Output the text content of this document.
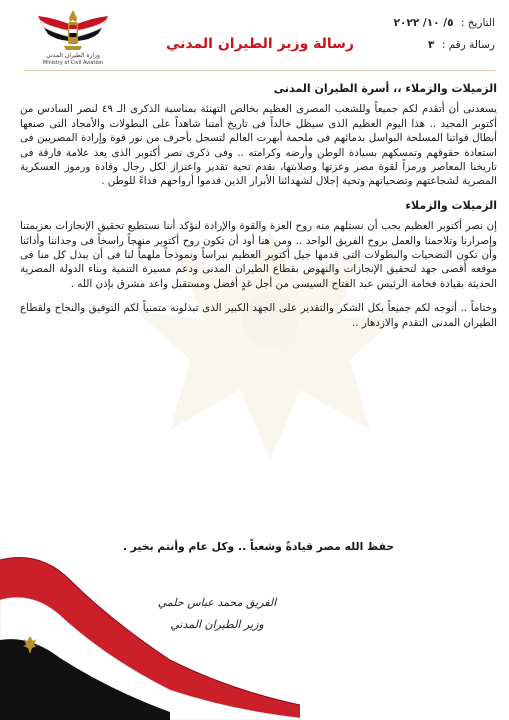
وزارة الطيران المدني
Ministry of Civil Aviation
رسالة وزير الطيران المدني
التاريخ : ٥/ ١٠/ ٢٠٢٢
رسالة رقم : ٣
الزميلات والزملاء ،، أسرة الطيران المدنى

يسعدنى أن أتقدم لكم جميعاً وللشعب المصرى العظيم بخالص التهنئة بمناسبة الذكرى الـ ٤٩ لنصر السادس من أكتوبر المجيد .. هذا اليوم العظيم الذى سيظل خالداً فى تاريخ أمتنا شاهداً على البطولات والأمجاد التى صنعها أبطال قواتنا المسلحة البواسل بدمائهم فى ملحمة أبهرت العالم لتسجل بأحرف من نور قوة وإرادة المصريين فى استعادة حقوقهم وتمسكهم بسيادة الوطن وأرضه وكرامته .. وفى ذكرى نصر أكتوبر الذى يعد علامة فارقة فى تاريخنا المعاصر ورمزاً لقوة مصر وعزتها وصلابتها، نقدم تحية تقدير واعتزاز لكل رجال وقادة ورموز العسكرية المصرية لشجاعتهم وتضحياتهم وتحية إجلال لشهدائنا الأبرار الذين قدموا أرواحهم فداءً للوطن .

الزميلات والزملاء

إن نصر أكتوبر العظيم يجب أن نستلهم منه روح العزة والقوة والإرادة لنؤكد أننا نستطيع تحقيق الإنجازات بعزيمتنا وإصرارنا وتلاحمنا والعمل بروح الفريق الواحد .. ومن هنا أود أن تكون روح أكتوبر منهجاً راسخاً فى وجداننا وأدائنا وأن تكون التضحيات والبطولات التى قدمها جيل أكتوبر العظيم نبراساً ونموذجاً ملهماً لنا فى أن يبذل كل منا فى موقعه أقصى جهد لتحقيق الإنجازات والنهوض بقطاع الطيران المدنى ودعم مسيرة التنمية وبناء الدولة المصرية الحديثة بقيادة فخامة الرئيس عبد الفتاح السيسى من أجل غدٍ أفضل ومستقبل واعد مشرق بإذن الله .

وختاماً .. أتوجه لكم جميعاً بكل الشكر والتقدير على الجهد الكبير الذى تبذلونه متمنياً لكم التوفيق والنجاح ولقطاع الطيران المدنى التقدم والازدهار ..

حفظ الله مصر قيادةً وشعباً .. وكل عام وأنتم بخير .
الفريق محمد عباس حلمي
وزير الطيران المدني
